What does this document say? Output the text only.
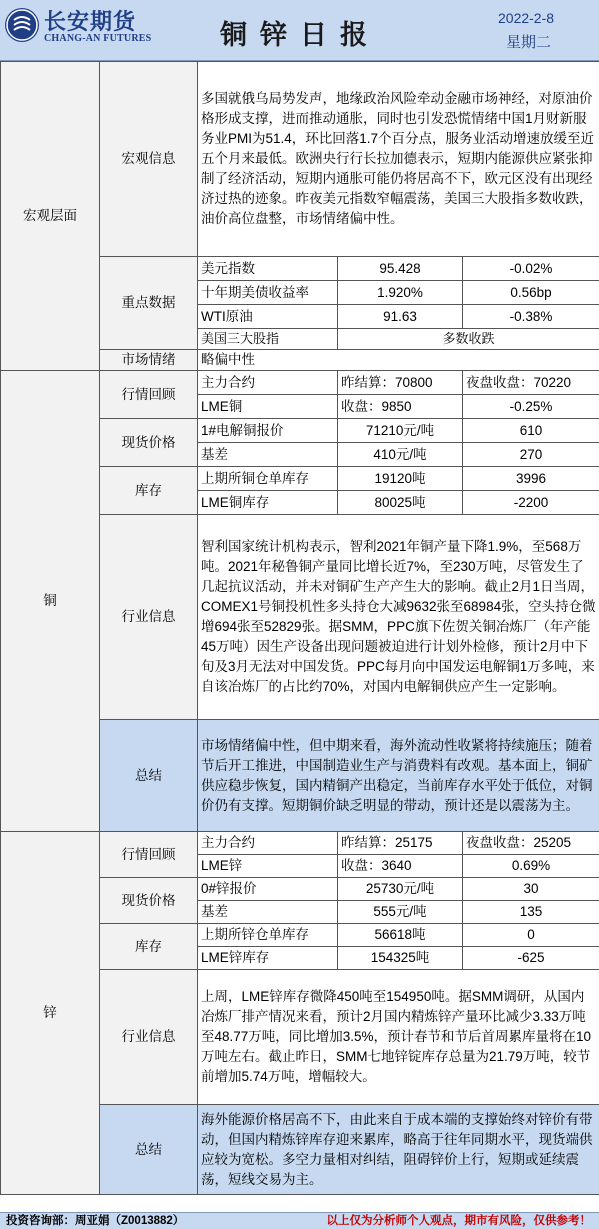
长安期货
CHANG-AN FUTURES	铜锌日报
2022-2-8
星期二
宏观层面	宏观信息	多国就俄乌局势发声，地缘政治风险牵动金融市场神经，对原油价格形成支撑，进而推动通胀，同时也引发恐慌情绪中国1月财新服务业PMI为51.4，环比回落1.7个百分点，服务业活动增速放缓至近五个月来最低。欧洲央行行长拉加德表示，短期内能源供应紧张抑制了经济活动，短期内通胀可能仍将居高不下，欧元区没有出现经济过热的迹象。昨夜美元指数窄幅震荡，美国三大股指多数收跌，油价高位盘整，市场情绪偏中性。		
	重点数据	美元指数	95.428	-0.02%
		十年期美债收益率	1.920%	0.56bp
		WTI原油	91.63	-0.38%
		美国三大股指	多数收跌	
	市场情绪	略偏中性		
铜	行情回顾	主力合约	昨结算：70800	夜盘收盘：70220
		LME铜	收盘：9850	-0.25%
	现货价格	1#电解铜报价	71210元/吨	610
		基差	410元/吨	270
	库存	上期所铜仓单库存	19120吨	3996
		LME铜库存	80025吨	-2200
	行业信息	智利国家统计机构表示，智利2021年铜产量下降1.9%，至568万吨。2021年秘鲁铜产量同比增长近7%，至230万吨，尽管发生了几起抗议活动，并未对铜矿生产产生大的影响。截止2月1日当周，COMEX1号铜投机性多头持仓大减9632张至68984张，空头持仓微增694张至52829张。据SMM，PPC旗下佐贺关铜冶炼厂（年产能45万吨）因生产设备出现问题被迫进行计划外检修，预计2月中下旬及3月无法对中国发货。PPC每月向中国发运电解铜1万多吨，来自该冶炼厂的占比约70%，对国内电解铜供应产生一定影响。		
	总结	市场情绪偏中性，但中期来看，海外流动性收紧将持续施压；随着节后开工推进，中国制造业生产与消费料有改观。基本面上，铜矿供应稳步恢复，国内精铜产出稳定，当前库存水平处于低位，对铜价仍有支撑。短期铜价缺乏明显的带动，预计还是以震荡为主。		
锌	行情回顾	主力合约	昨结算：25175	夜盘收盘：25205
		LME锌	收盘：3640	0.69%
	现货价格	0#锌报价	25730元/吨	30
		基差	555元/吨	135
	库存	上期所锌仓单库存	56618吨	0
		LME锌库存	154325吨	-625
	行业信息	上周，LME锌库存微降450吨至154950吨。据SMM调研，从国内冶炼厂排产情况来看，预计2月国内精炼锌产量环比减少3.33万吨至48.77万吨，同比增加3.5%，预计春节和节后首周累库量将在10万吨左右。截止昨日，SMM七地锌锭库存总量为21.79万吨，较节前增加5.74万吨，增幅较大。		
	总结	海外能源价格居高不下，由此来自于成本端的支撑始终对锌价有带动，但国内精炼锌库存迎来累库，略高于往年同期水平，现货端供应较为宽松。多空力量相对纠结，阻碍锌价上行，短期或延续震荡，短线交易为主。		
投资咨询部：周亚娟（Z0013882）	以上仅为分析师个人观点，期市有风险，仅供参考！
